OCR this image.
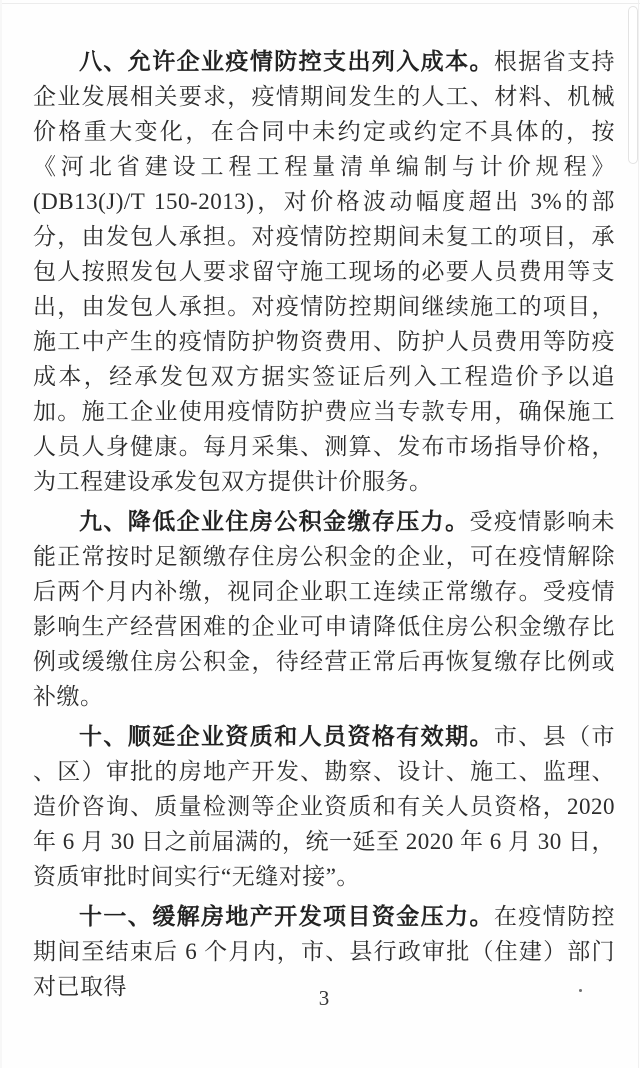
八、允许企业疫情防控支出列入成本。根据省支持企业发展相关要求，疫情期间发生的人工、材料、机械价格重大变化，在合同中未约定或约定不具体的，按《河北省建设工程工程量清单编制与计价规程》(DB13(J)/T 150-2013)，对价格波动幅度超出 3%的部分，由发包人承担。对疫情防控期间未复工的项目，承包人按照发包人要求留守施工现场的必要人员费用等支出，由发包人承担。对疫情防控期间继续施工的项目，施工中产生的疫情防护物资费用、防护人员费用等防疫成本，经承发包双方据实签证后列入工程造价予以追加。施工企业使用疫情防护费应当专款专用，确保施工人员人身健康。每月采集、测算、发布市场指导价格，为工程建设承发包双方提供计价服务。

九、降低企业住房公积金缴存压力。受疫情影响未能正常按时足额缴存住房公积金的企业，可在疫情解除后两个月内补缴，视同企业职工连续正常缴存。受疫情影响生产经营困难的企业可申请降低住房公积金缴存比例或缓缴住房公积金，待经营正常后再恢复缴存比例或补缴。

十、顺延企业资质和人员资格有效期。市、县（市 、区）审批的房地产开发、勘察、设计、施工、监理、造价咨询、质量检测等企业资质和有关人员资格，2020 年 6 月 30 日之前届满的，统一延至 2020 年 6 月 30 日，资质审批时间实行“无缝对接”。

十一、缓解房地产开发项目资金压力。在疫情防控期间至结束后 6 个月内，市、县行政审批（住建）部门对已取得	3
